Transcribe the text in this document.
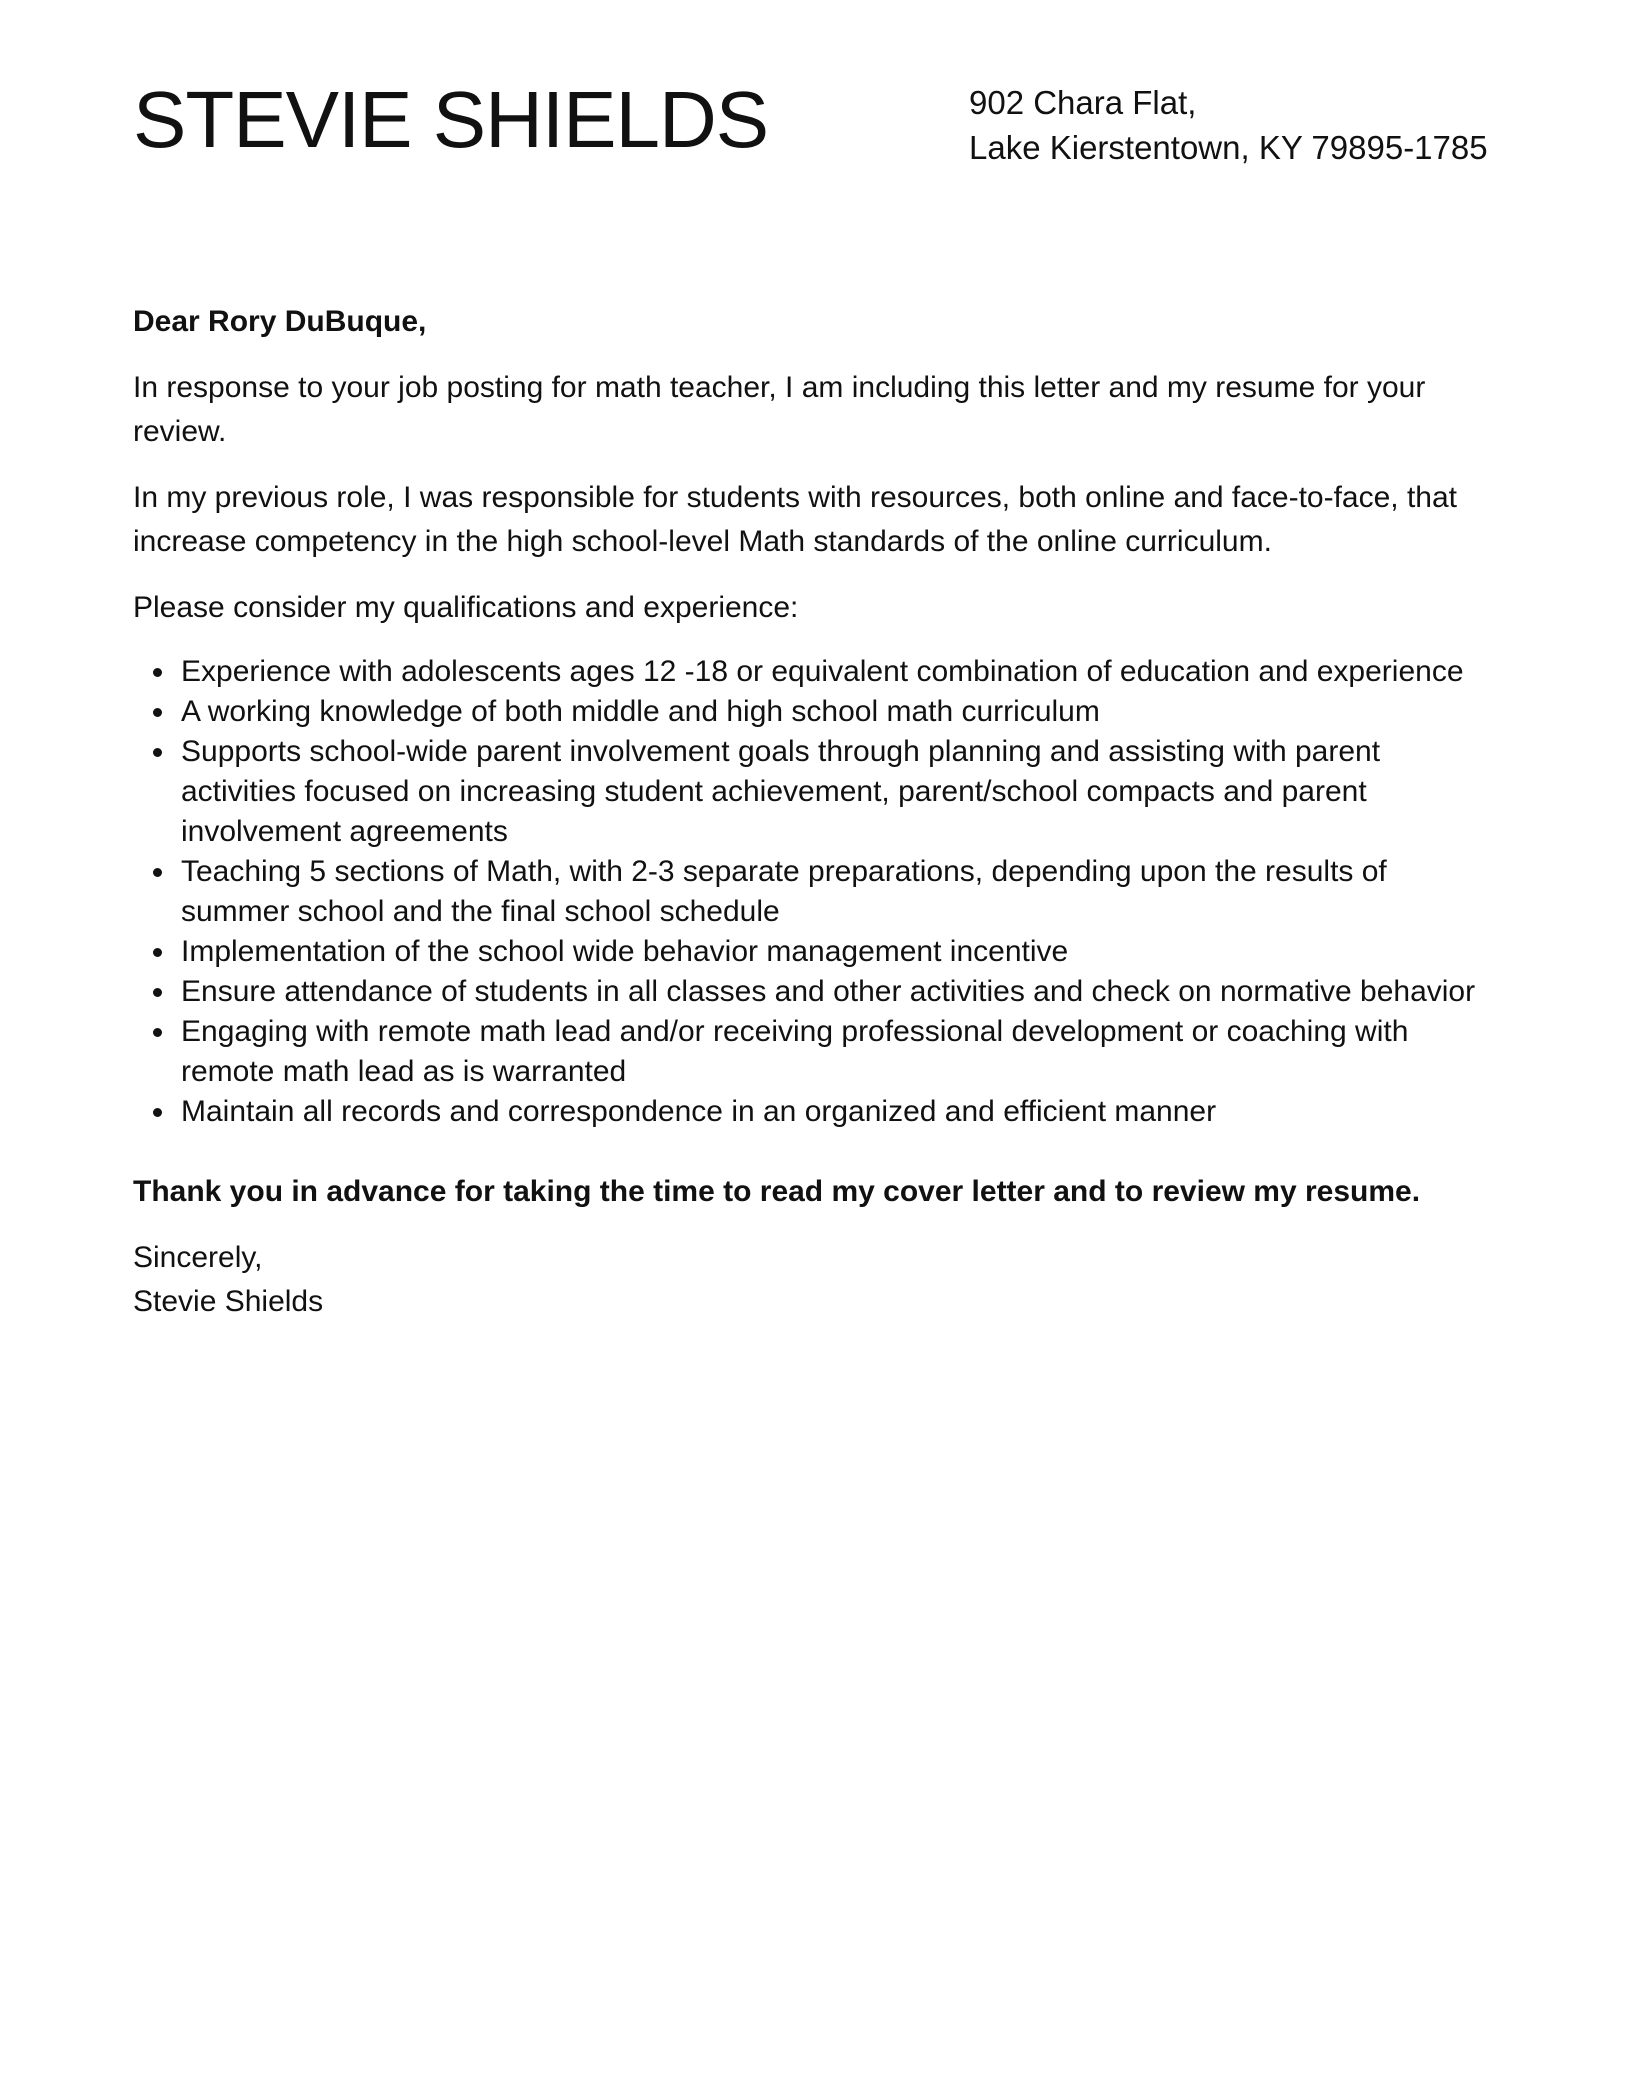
STEVIE SHIELDS	902 Chara Flat,
Lake Kierstentown, KY 79895-1785

Dear Rory DuBuque,

In response to your job posting for math teacher, I am including this letter and my resume for your review.

In my previous role, I was responsible for students with resources, both online and face-to-face, that increase competency in the high school-level Math standards of the online curriculum.

Please consider my qualifications and experience:

Experience with adolescents ages 12 -18 or equivalent combination of education and experience
A working knowledge of both middle and high school math curriculum
Supports school-wide parent involvement goals through planning and assisting with parent activities focused on increasing student achievement, parent/school compacts and parent involvement agreements
Teaching 5 sections of Math, with 2-3 separate preparations, depending upon the results of summer school and the final school schedule
Implementation of the school wide behavior management incentive
Ensure attendance of students in all classes and other activities and check on normative behavior
Engaging with remote math lead and/or receiving professional development or coaching with remote math lead as is warranted
Maintain all records and correspondence in an organized and efficient manner

Thank you in advance for taking the time to read my cover letter and to review my resume.

Sincerely,
Stevie Shields
